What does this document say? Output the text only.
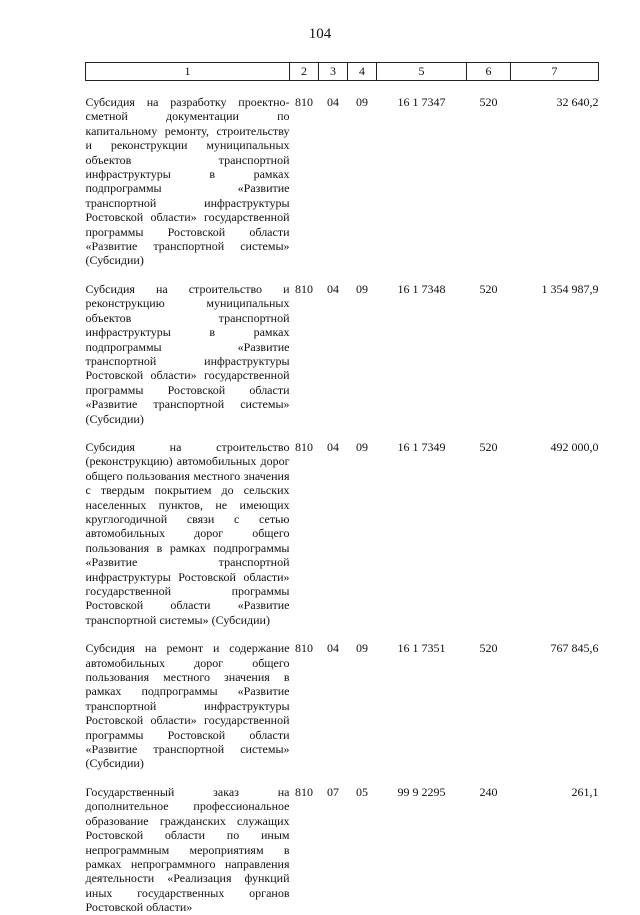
104
1	2	3	4	5	6	7

Субсидия на разработку проектно-сметной документации по капитальному ремонту, строительству и реконструкции муниципальных объектов транспортной инфраструктуры в рамках подпрограммы «Развитие транспортной инфраструктуры Ростовской области» государственной программы Ростовской области «Развитие транспортной системы» (Субсидии)	810	04	09	16 1 7347	520	32 640,2

Субсидия на строительство и реконструкцию муниципальных объектов транспортной инфраструктуры в рамках подпрограммы «Развитие транспортной инфраструктуры Ростовской области» государственной программы Ростовской области «Развитие транспортной системы» (Субсидии)	810	04	09	16 1 7348	520	1 354 987,9

Субсидия на строительство (реконструкцию) автомобильных дорог общего пользования местного значения с твердым покрытием до сельских населенных пунктов, не имеющих круглогодичной связи с сетью автомобильных дорог общего пользования в рамках подпрограммы «Развитие транспортной инфраструктуры Ростовской области» государственной программы Ростовской области «Развитие транспортной системы» (Субсидии)	810	04	09	16 1 7349	520	492 000,0

Субсидия на ремонт и содержание автомобильных дорог общего пользования местного значения в рамках подпрограммы «Развитие транспортной инфраструктуры Ростовской области» государственной программы Ростовской области «Развитие транспортной системы» (Субсидии)	810	04	09	16 1 7351	520	767 845,6

Государственный заказ на дополнительное профессиональное образование гражданских служащих Ростовской области по иным непрограммным мероприятиям в рамках непрограммного направления деятельности «Реализация функций иных государственных органов Ростовской области»	810	07	05	99 9 2295	240	261,1
